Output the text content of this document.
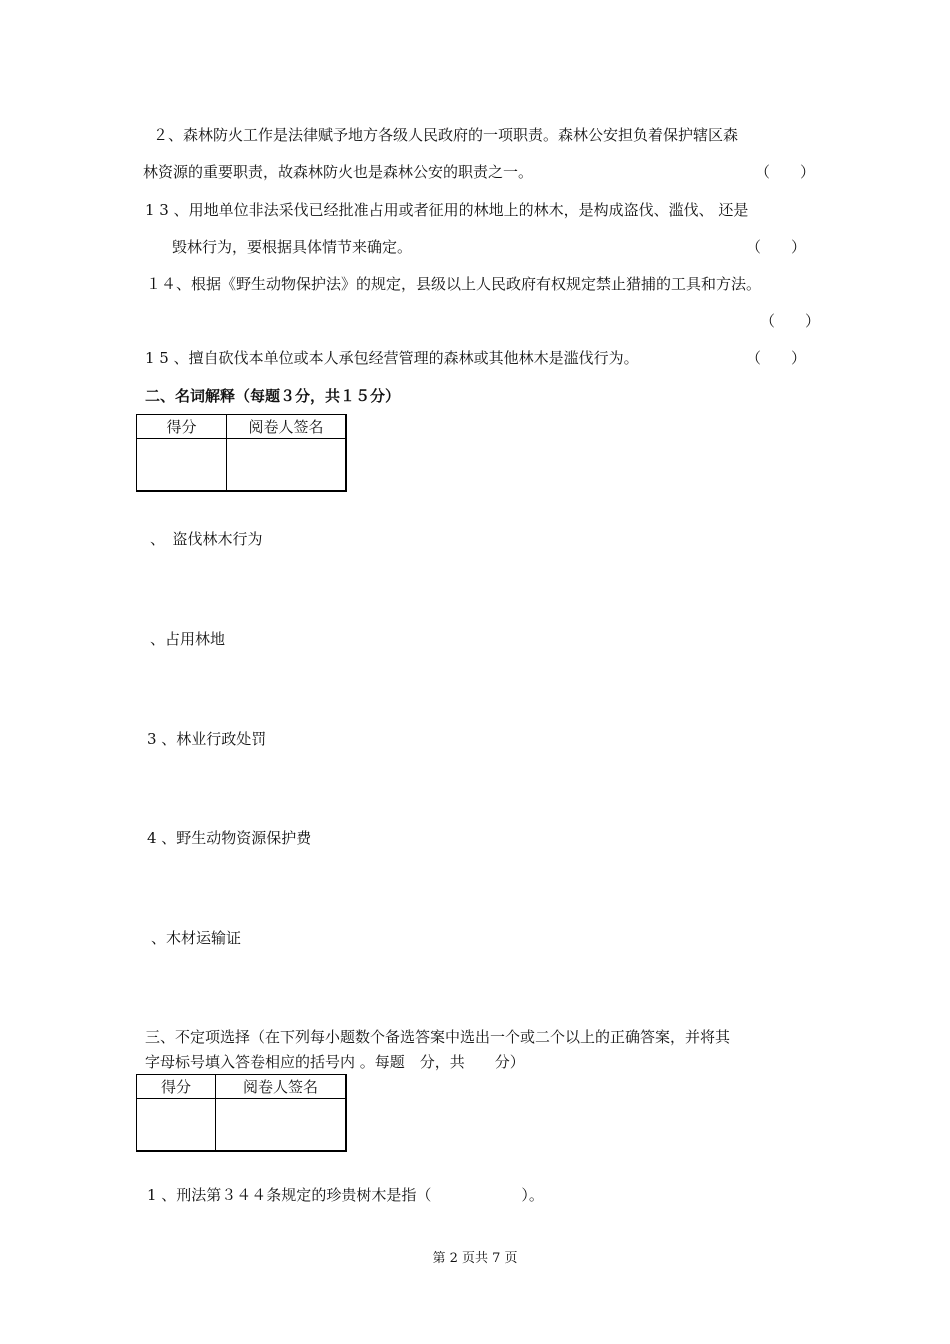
２、森林防火工作是法律赋予地方各级人民政府的一项职责。森林公安担负着保护辖区森
林资源的重要职责，故森林防火也是森林公安的职责之一。	（　　）
1 3 、用地单位非法采伐已经批准占用或者征用的林地上的林木，是构成盗伐、滥伐、 还是
毁林行为，要根据具体情节来确定。	（　　）
１４、根据《野生动物保护法》的规定，县级以上人民政府有权规定禁止猎捕的工具和方法。
（　　）
1 5 、擅自砍伐本单位或本人承包经营管理的森林或其他林木是滥伐行为。	（　　）
二、名词解释（每题３分，共１５分）
得分	阅卷人签名

、　盗伐林木行为
、占用林地
3 、林业行政处罚
4 、野生动物资源保护费
、木材运输证
三、不定项选择（在下列每小题数个备选答案中选出一个或二个以上的正确答案，并将其
字母标号填入答卷相应的括号内 。每题　分，共　　分）
得分	阅卷人签名

1 、刑法第３４４条规定的珍贵树木是指（　　　　　　）。
第 2 页共 7 页
